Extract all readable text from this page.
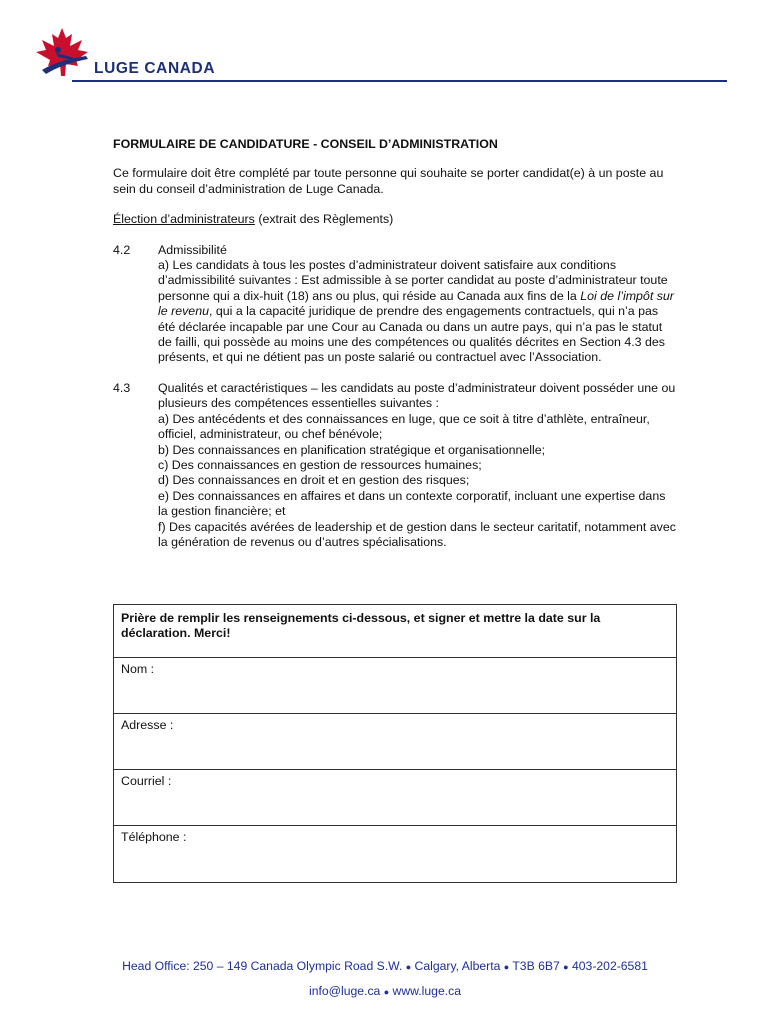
LUGE CANADA
FORMULAIRE DE CANDIDATURE - CONSEIL D’ADMINISTRATION

Ce formulaire doit être complété par toute personne qui souhaite se porter candidat(e) à un poste au sein du conseil d’administration de Luge Canada.

Élection d’administrateurs (extrait des Règlements)

4.2	Admissibilité

a) Les candidats à tous les postes d’administrateur doivent satisfaire aux conditions d’admissibilité suivantes : Est admissible à se porter candidat au poste d’administrateur toute personne qui a dix-huit (18) ans ou plus, qui réside au Canada aux fins de la Loi de l’impôt sur le revenu, qui a la capacité juridique de prendre des engagements contractuels, qui n’a pas été déclarée incapable par une Cour au Canada ou dans un autre pays, qui n’a pas le statut de failli, qui possède au moins une des compétences ou qualités décrites en Section 4.3 des présents, et qui ne détient pas un poste salarié ou contractuel avec l’Association.

4.3	Qualités et caractéristiques – les candidats au poste d’administrateur doivent posséder une ou plusieurs des compétences essentielles suivantes :

a) Des antécédents et des connaissances en luge, que ce soit à titre d’athlète, entraîneur, officiel, administrateur, ou chef bénévole;

b) Des connaissances en planification stratégique et organisationnelle;

c) Des connaissances en gestion de ressources humaines;

d) Des connaissances en droit et en gestion des risques;

e) Des connaissances en affaires et dans un contexte corporatif, incluant une expertise dans la gestion financière; et

f) Des capacités avérées de leadership et de gestion dans le secteur caritatif, notamment avec la génération de revenus ou d’autres spécialisations.

Prière de remplir les renseignements ci-dessous, et signer et mettre la date sur la déclaration. Merci!
Nom :
Adresse :
Courriel :
Téléphone :
Head Office: 250 – 149 Canada Olympic Road S.W. ● Calgary, Alberta ● T3B 6B7 ● 403-202-6581
info@luge.ca ● www.luge.ca
